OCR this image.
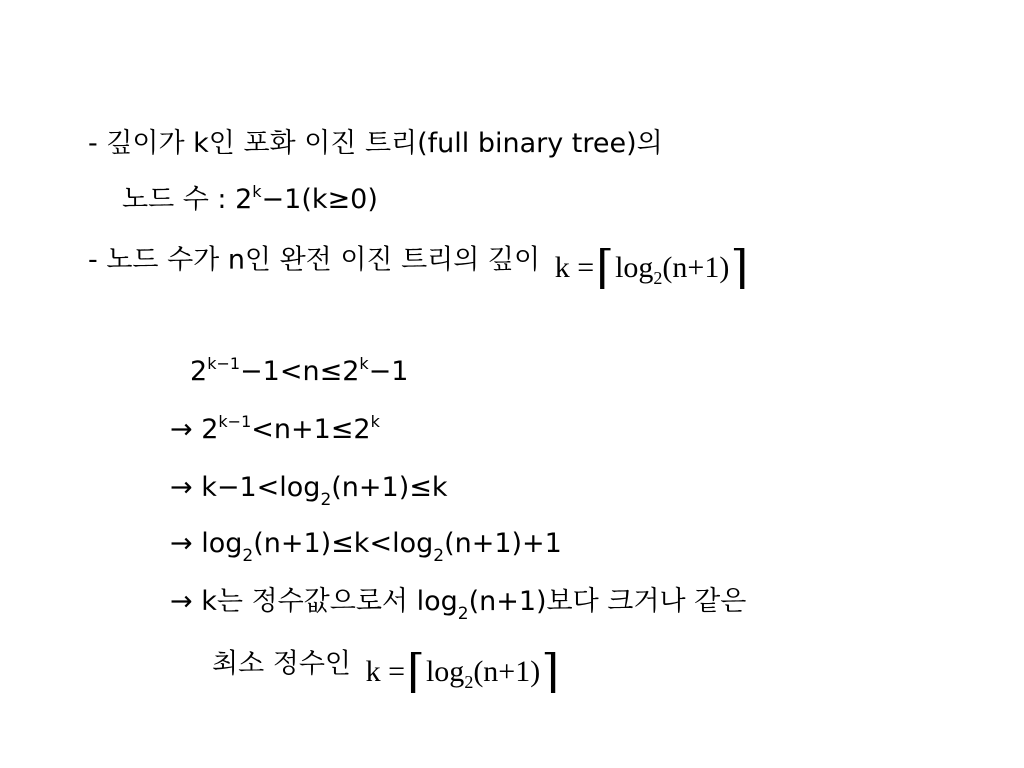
- 깊이가 k인 포화 이진 트리(full binary tree)의
노드 수 : $2^k-1(k\ge 0)$
- 노드 수가 n인 완전 이진 트리의 깊이 $k =⌈\log_2(n+1)⌉$
$2^{k-1}-1<n\le 2^k-1$
→ $2^{k-1}<n+1\le 2^k$
→ $k-1<\log_2(n+1)\le k$
→ $\log_2(n+1)\le k<\log_2(n+1)+1$
→ k는 정수값으로서 $\log_2(n+1)$보다 크거나 같은
최소 정수인 $k =⌈\log_2(n+1)⌉$
